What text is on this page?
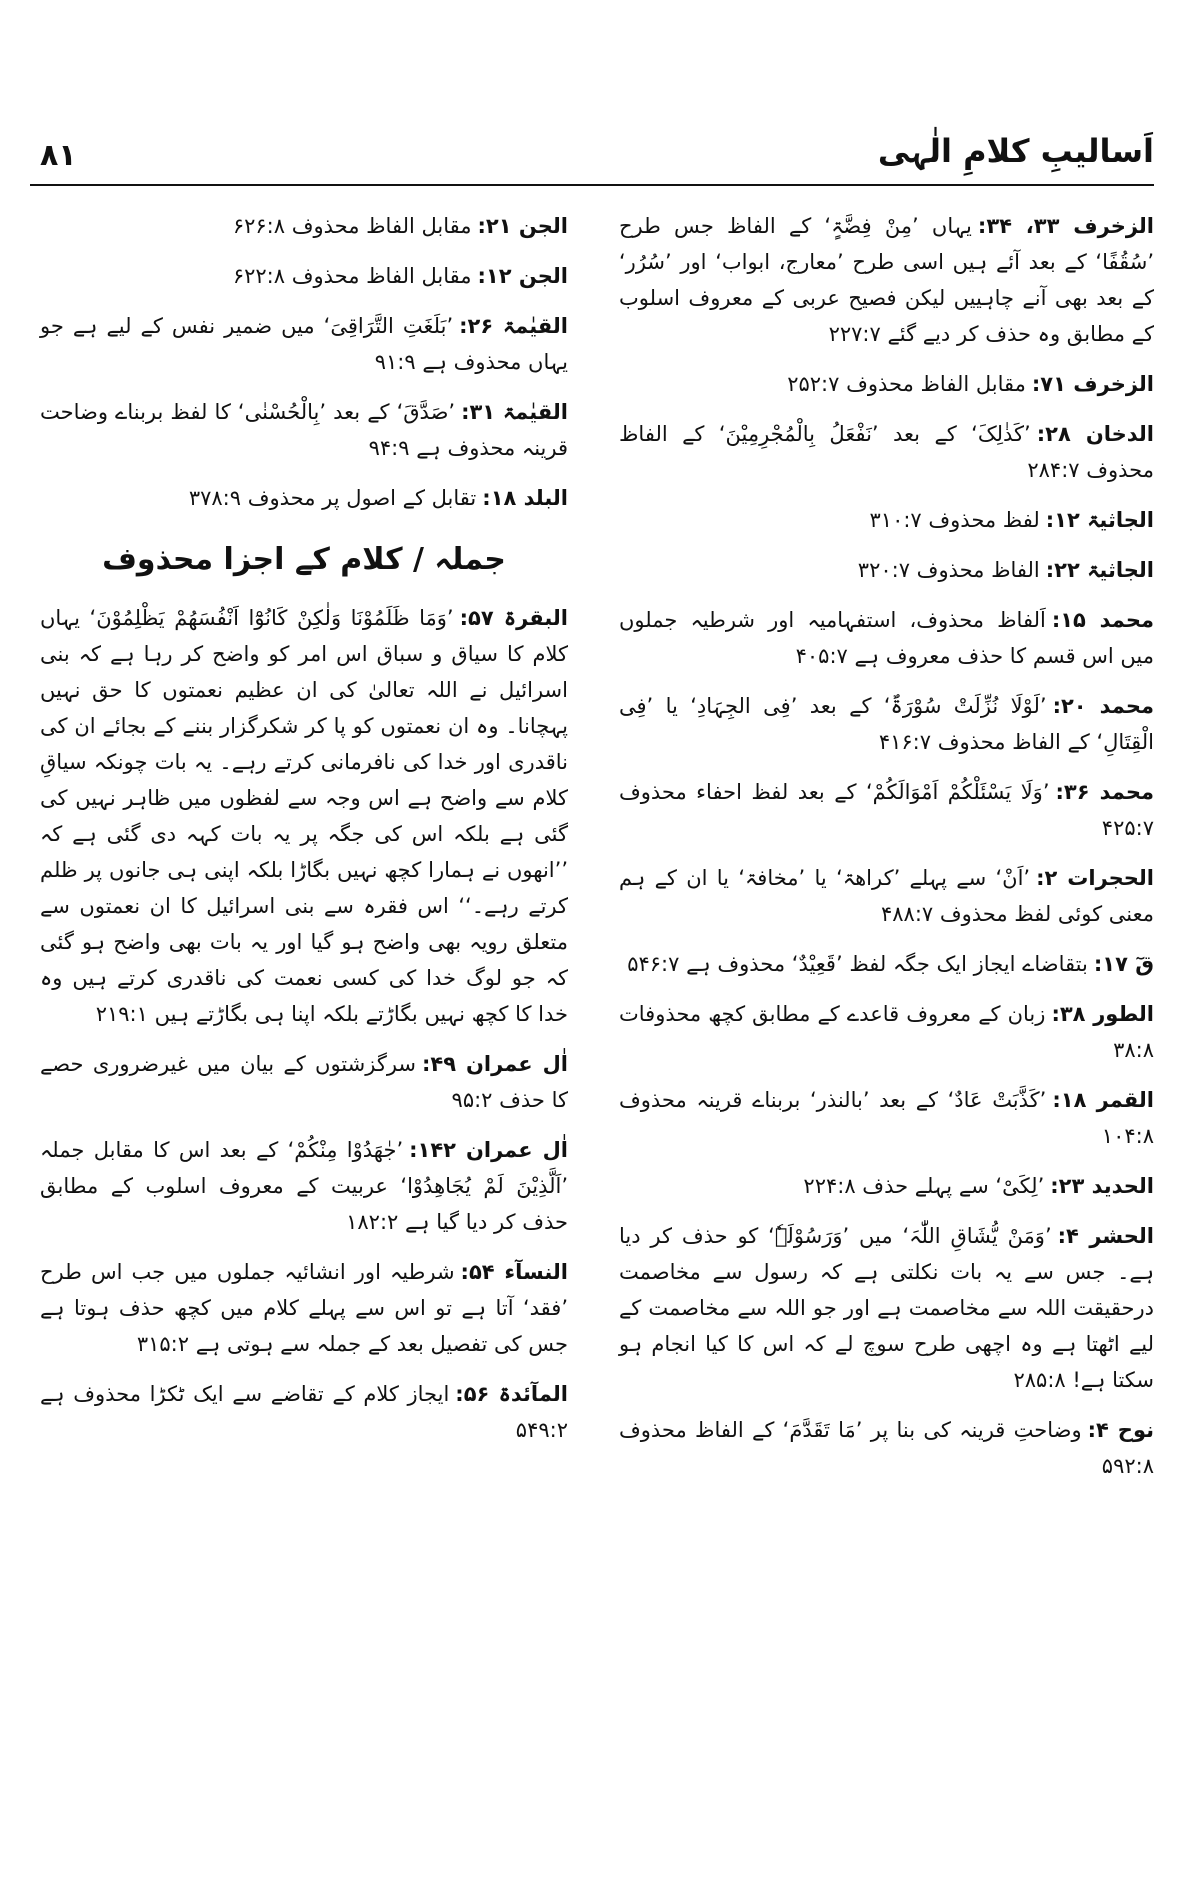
۸۱	اَسالیبِ کلامِ الٰہی

الزخرف ۳۳، ۳۴:یہاں ’مِنْ فِضَّۃٍ‘ کے الفاظ جس طرح ’سُقُفًا‘ کے بعد آئے ہیں اسی طرح ’معارج، ابواب‘ اور ’سُرُر‘ کے بعد بھی آنے چاہییں لیکن فصیح عربی کے معروف اسلوب کے مطابق وہ حذف کر دیے گئے ۲۲۷:۷

الزخرف ۷۱:مقابل الفاظ محذوف ۲۵۲:۷

الدخان ۲۸:’کَذٰلِکَ‘ کے بعد ’نَفْعَلُ بِالْمُجْرِمِیْنَ‘ کے الفاظ محذوف ۲۸۴:۷

الجاثیۃ ۱۲:لفظ محذوف ۳۱۰:۷

الجاثیۃ ۲۲:الفاظ محذوف ۳۲۰:۷

محمد ۱۵:اَلفاظ محذوف، استفہامیہ اور شرطیہ جملوں میں اس قسم کا حذف معروف ہے ۴۰۵:۷

محمد ۲۰:’لَوْلَا نُزِّلَتْ سُوْرَۃٌ‘ کے بعد ’فِی الجِہَادِ‘ یا ’فِی الْقِتَالِ‘ کے الفاظ محذوف ۴۱۶:۷

محمد ۳۶:’وَلَا یَسْئَلْکُمْ اَمْوَالَکُمْ‘ کے بعد لفظ احفاء محذوف ۴۲۵:۷

الحجرات ۲:’اَنْ‘ سے پہلے ’کراھۃ‘ یا ’مخافۃ‘ یا ان کے ہم معنی کوئی لفظ محذوف ۴۸۸:۷

قٓ ۱۷:بتقاضاے ایجاز ایک جگہ لفظ ’قَعِیْدٌ‘ محذوف ہے ۵۴۶:۷

الطور ۳۸:زبان کے معروف قاعدے کے مطابق کچھ محذوفات ۳۸:۸

القمر ۱۸:’کَذَّبَتْ عَادٌ‘ کے بعد ’بالنذر‘ بربناے قرینہ محذوف ۱۰۴:۸

الحدید ۲۳:’لِکَیْ‘ سے پہلے حذف ۲۲۴:۸

الحشر ۴:’وَمَنْ یُّشَاقِ اللّٰہَ‘ میں ’وَرَسُوْلَہٗ‘ کو حذف کر دیا ہے۔ جس سے یہ بات نکلتی ہے کہ رسول سے مخاصمت درحقیقت اللہ سے مخاصمت ہے اور جو اللہ سے مخاصمت کے لیے اٹھتا ہے وہ اچھی طرح سوچ لے کہ اس کا کیا انجام ہو سکتا ہے! ۲۸۵:۸

نوح ۴:وضاحتِ قرینہ کی بنا پر ’مَا تَقَدَّمَ‘ کے الفاظ محذوف ۵۹۲:۸

الجن ۲۱:مقابل الفاظ محذوف ۶۲۶:۸

الجن ۱۲:مقابل الفاظ محذوف ۶۲۲:۸

القیٰمۃ ۲۶:’بَلَغَتِ التَّرَاقِیَ‘ میں ضمیر نفس کے لیے ہے جو یہاں محذوف ہے ۹۱:۹

القیٰمۃ ۳۱:’صَدَّقَ‘ کے بعد ’بِالْحُسْنٰی‘ کا لفظ بربناے وضاحت قرینہ محذوف ہے ۹۴:۹

البلد ۱۸:تقابل کے اصول پر محذوف ۳۷۸:۹

جملہ / کلام کے اجزا محذوف

البقرۃ ۵۷:’وَمَا ظَلَمُوْنَا وَلٰکِنْ کَانُوْٓا اَنْفُسَھُمْ یَظْلِمُوْنَ‘ یہاں کلام کا سیاق و سباق اس امر کو واضح کر رہا ہے کہ بنی اسرائیل نے اللہ تعالیٰ کی ان عظیم نعمتوں کا حق نہیں پہچانا۔ وہ ان نعمتوں کو پا کر شکرگزار بننے کے بجائے ان کی ناقدری اور خدا کی نافرمانی کرتے رہے۔ یہ بات چونکہ سیاقِ کلام سے واضح ہے اس وجہ سے لفظوں میں ظاہر نہیں کی گئی ہے بلکہ اس کی جگہ پر یہ بات کہہ دی گئی ہے کہ ’’انھوں نے ہمارا کچھ نہیں بگاڑا بلکہ اپنی ہی جانوں پر ظلم کرتے رہے۔‘‘ اس فقرہ سے بنی اسرائیل کا ان نعمتوں سے متعلق رویہ بھی واضح ہو گیا اور یہ بات بھی واضح ہو گئی کہ جو لوگ خدا کی کسی نعمت کی ناقدری کرتے ہیں وہ خدا کا کچھ نہیں بگاڑتے بلکہ اپنا ہی بگاڑتے ہیں ۲۱۹:۱

اٰل عمران ۴۹:سرگزشتوں کے بیان میں غیرضروری حصے کا حذف ۹۵:۲

اٰل عمران ۱۴۲:’جٰھَدُوْا مِنْکُمْ‘ کے بعد اس کا مقابل جملہ ’اَلَّذِیْنَ لَمْ یُجَاھِدُوْا‘ عربیت کے معروف اسلوب کے مطابق حذف کر دیا گیا ہے ۱۸۲:۲

النسآء ۵۴:شرطیہ اور انشائیہ جملوں میں جب اس طرح ’فقد‘ آتا ہے تو اس سے پہلے کلام میں کچھ حذف ہوتا ہے جس کی تفصیل بعد کے جملہ سے ہوتی ہے ۳۱۵:۲

المآئدۃ ۵۶:ایجاز کلام کے تقاضے سے ایک ٹکڑا محذوف ہے ۵۴۹:۲
